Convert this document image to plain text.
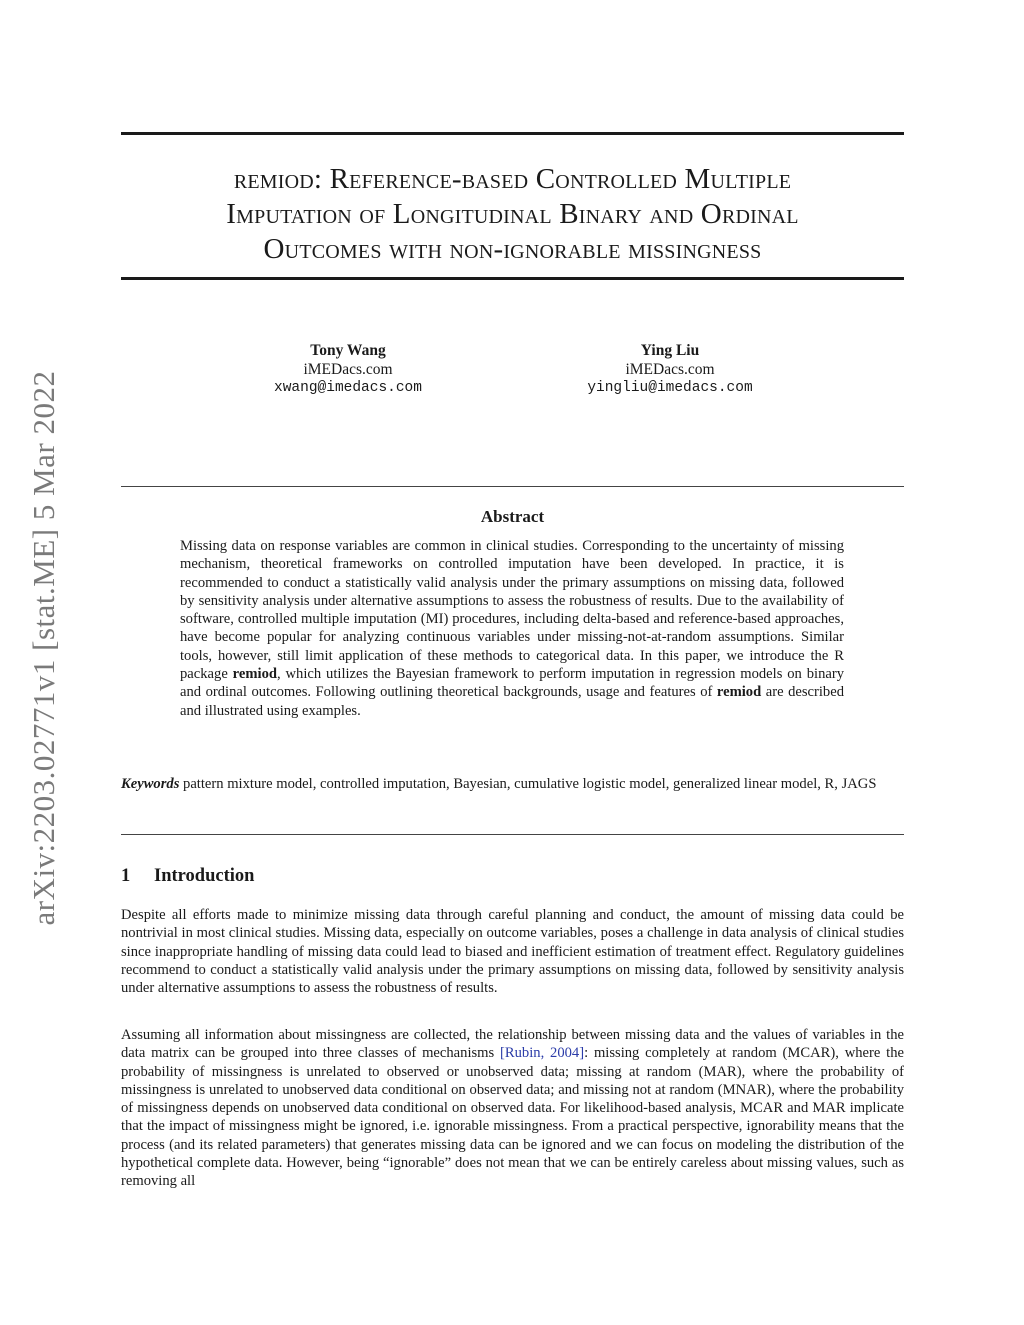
arXiv:2203.02771v1 [stat.ME] 5 Mar 2022
remiod: Reference-based Controlled Multiple
Imputation of Longitudinal Binary and Ordinal
Outcomes with non-ignorable missingness
Tony Wang
iMEDacs.com
xwang@imedacs.com
Ying Liu
iMEDacs.com
yingliu@imedacs.com
Abstract
Missing data on response variables are common in clinical studies. Corresponding to the uncertainty of missing mechanism, theoretical frameworks on controlled imputation have been developed. In practice, it is recommended to conduct a statistically valid analysis under the primary assumptions on missing data, followed by sensitivity analysis under alternative assumptions to assess the robustness of results. Due to the availability of software, controlled multiple imputation (MI) procedures, including delta-based and reference-based approaches, have become popular for analyzing continuous variables under missing-not-at-random assumptions. Similar tools, however, still limit application of these methods to categorical data. In this paper, we introduce the R package remiod, which utilizes the Bayesian framework to perform imputation in regression models on binary and ordinal outcomes. Following outlining theoretical backgrounds, usage and features of remiod are described and illustrated using examples.
Keywords pattern mixture model, controlled imputation, Bayesian, cumulative logistic model, generalized linear model, R, JAGS
1 Introduction
Despite all efforts made to minimize missing data through careful planning and conduct, the amount of missing data could be nontrivial in most clinical studies. Missing data, especially on outcome variables, poses a challenge in data analysis of clinical studies since inappropriate handling of missing data could lead to biased and inefficient estimation of treatment effect. Regulatory guidelines recommend to conduct a statistically valid analysis under the primary assumptions on missing data, followed by sensitivity analysis under alternative assumptions to assess the robustness of results.
Assuming all information about missingness are collected, the relationship between missing data and the values of variables in the data matrix can be grouped into three classes of mechanisms [Rubin, 2004]: missing completely at random (MCAR), where the probability of missingness is unrelated to observed or unobserved data; missing at random (MAR), where the probability of missingness is unrelated to unobserved data conditional on observed data; and missing not at random (MNAR), where the probability of missingness depends on unobserved data conditional on observed data. For likelihood-based analysis, MCAR and MAR implicate that the impact of missingness might be ignored, i.e. ignorable missingness. From a practical perspective, ignorability means that the process (and its related parameters) that generates missing data can be ignored and we can focus on modeling the distribution of the hypothetical complete data. However, being “ignorable” does not mean that we can be entirely careless about missing values, such as removing all
